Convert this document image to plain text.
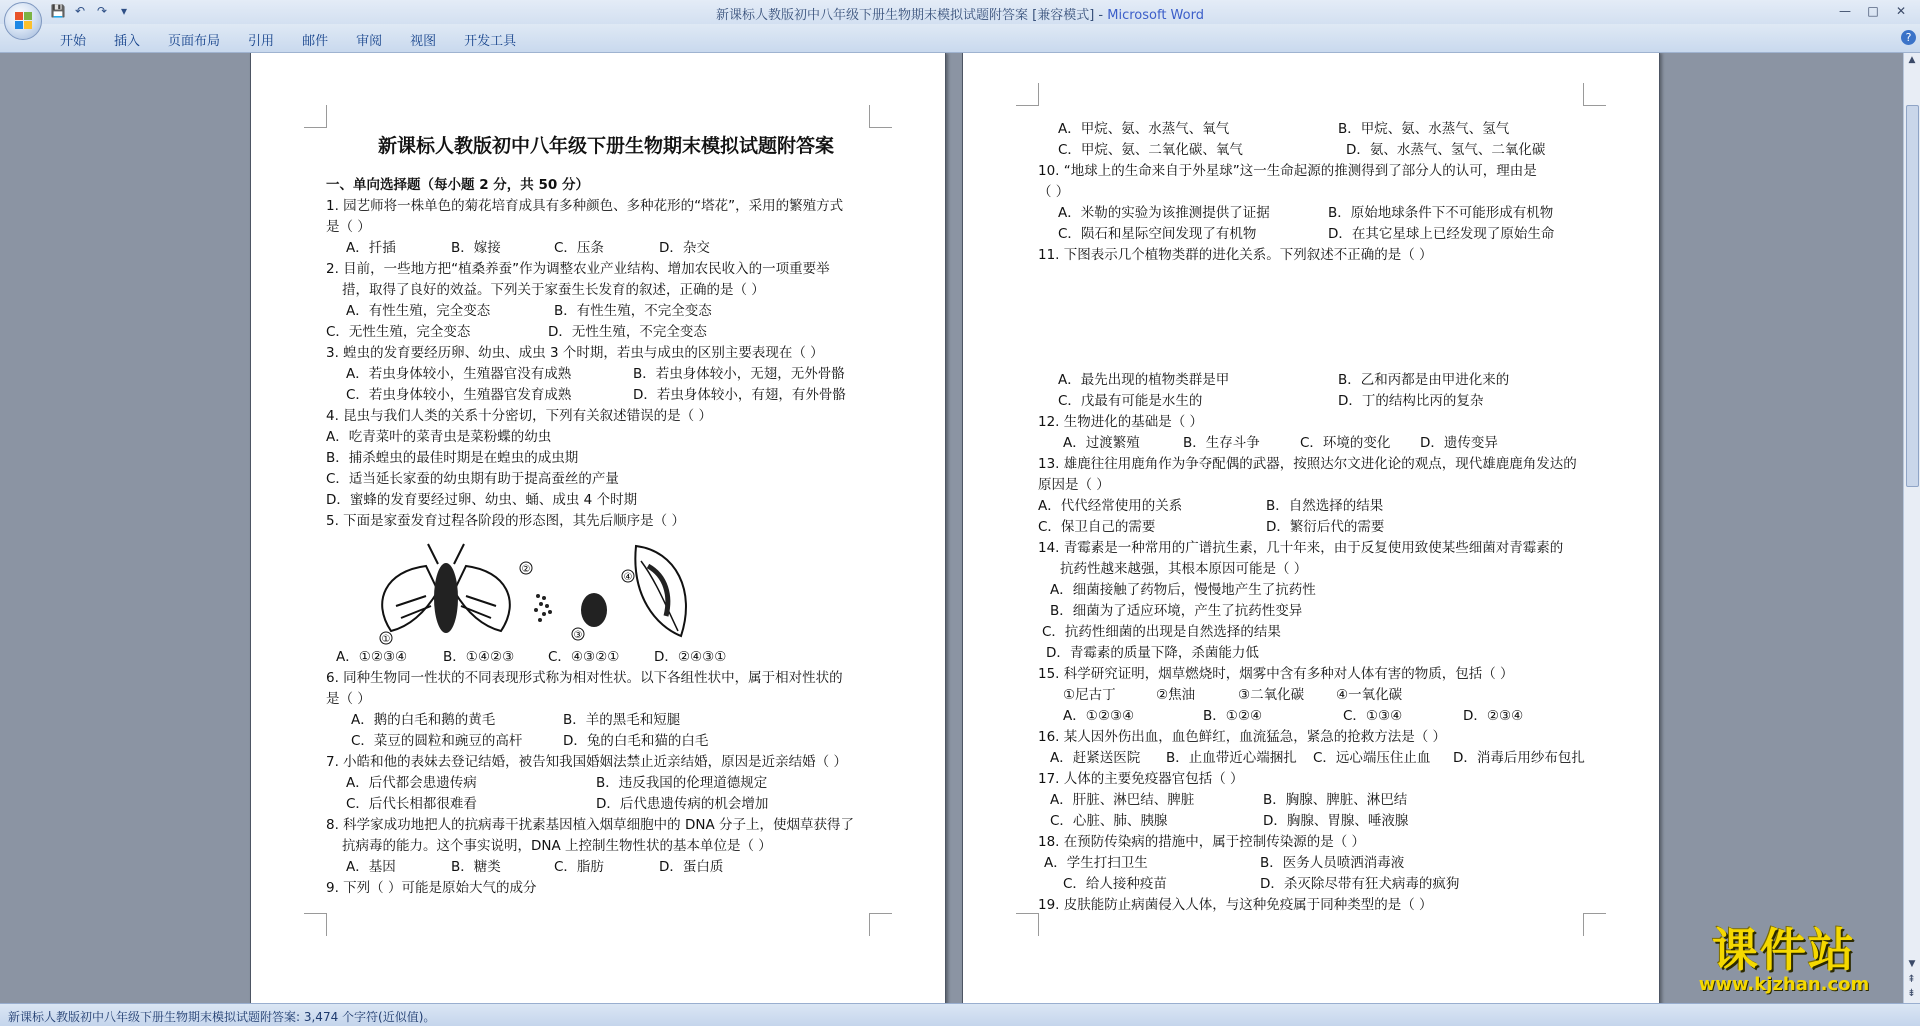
💾 ↶ ↷	▾	新课标人教版初中八年级下册生物期末模拟试题附答案 [兼容模式] - Microsoft Word	—	□	✕
开始	插入	页面布局	引用	邮件	审阅	视图	开发工具	?
新课标人教版初中八年级下册生物期末模拟试题附答案
一、单向选择题（每小题 2 分，共 50 分）
1. 园艺师将一株单色的菊花培育成具有多种颜色、多种花形的“塔花”，采用的繁殖方式
是（ ）
A．扦插	B．嫁接	C．压条	D．杂交
2. 目前，一些地方把“植桑养蚕”作为调整农业产业结构、增加农民收入的一项重要举
措，取得了良好的效益。下列关于家蚕生长发育的叙述，正确的是（ ）
A．有性生殖，完全变态	B．有性生殖，不完全变态
C．无性生殖，完全变态	D．无性生殖，不完全变态
3. 蝗虫的发育要经历卵、幼虫、成虫 3 个时期，若虫与成虫的区别主要表现在（ ）
A．若虫身体较小，生殖器官没有成熟	B．若虫身体较小，无翅，无外骨骼
C．若虫身体较小，生殖器官发育成熟	D．若虫身体较小，有翅，有外骨骼
4. 昆虫与我们人类的关系十分密切，下列有关叙述错误的是（ ）
A．吃青菜叶的菜青虫是菜粉蝶的幼虫
B．捕杀蝗虫的最佳时期是在蝗虫的成虫期
C．适当延长家蚕的幼虫期有助于提高蚕丝的产量
D．蜜蜂的发育要经过卵、幼虫、蛹、成虫 4 个时期
5. 下面是家蚕发育过程各阶段的形态图，其先后顺序是（ ）
①
②
③
④
A．①②③④	B．①④②③	C．④③②①	D．②④③①
6. 同种生物同一性状的不同表现形式称为相对性状。以下各组性状中，属于相对性状的
是（ ）
A．鹅的白毛和鹅的黄毛	B．羊的黑毛和短腿
C．菜豆的圆粒和豌豆的高杆	D．兔的白毛和猫的白毛
7. 小皓和他的表妹去登记结婚，被告知我国婚姻法禁止近亲结婚，原因是近亲结婚（ ）
A．后代都会患遗传病	B．违反我国的伦理道德规定
C．后代长相都很难看	D．后代患遗传病的机会增加
8. 科学家成功地把人的抗病毒干扰素基因植入烟草细胞中的 DNA 分子上，使烟草获得了
抗病毒的能力。这个事实说明，DNA 上控制生物性状的基本单位是（ ）
A．基因	B．糖类	C．脂肪	D．蛋白质
9. 下列（ ）可能是原始大气的成分
A．甲烷、氨、水蒸气、氧气	B．甲烷、氨、水蒸气、氢气
C．甲烷、氨、二氧化碳、氧气	D．氨、水蒸气、氢气、二氧化碳
10. “地球上的生命来自于外星球”这一生命起源的推测得到了部分人的认可，理由是
（ ）
A．米勒的实验为该推测提供了证据	B．原始地球条件下不可能形成有机物
C．陨石和星际空间发现了有机物	D．在其它星球上已经发现了原始生命
11. 下图表示几个植物类群的进化关系。下列叙述不正确的是（ ）
A．最先出现的植物类群是甲	B．乙和丙都是由甲进化来的
C．戊最有可能是水生的	D．丁的结构比丙的复杂
12. 生物进化的基础是（ ）
A．过渡繁殖	B．生存斗争	C．环境的变化 D．遗传变异
13. 雄鹿往往用鹿角作为争夺配偶的武器，按照达尔文进化论的观点，现代雄鹿鹿角发达的
原因是（ ）
A．代代经常使用的关系	B．自然选择的结果
C．保卫自己的需要	D．繁衍后代的需要
14. 青霉素是一种常用的广谱抗生素，几十年来，由于反复使用致使某些细菌对青霉素的
抗药性越来越强，其根本原因可能是（ ）
A．细菌接触了药物后，慢慢地产生了抗药性
B．细菌为了适应环境，产生了抗药性变异
C．抗药性细菌的出现是自然选择的结果
D．青霉素的质量下降，杀菌能力低
15. 科学研究证明，烟草燃烧时，烟雾中含有多种对人体有害的物质，包括（ ）
①尼古丁	②焦油	③二氧化碳 ④一氧化碳
A．①②③④	B．①②④	C．①③④	D．②③④
16. 某人因外伤出血，血色鲜红，血流猛急，紧急的抢救方法是（ ）
A．赶紧送医院 B．止血带近心端捆扎 C．远心端压住止血 D．消毒后用纱布包扎
17. 人体的主要免疫器官包括（ ）
A．肝脏、淋巴结、脾脏	B．胸腺、脾脏、淋巴结
C．心脏、肺、胰腺	D．胸腺、胃腺、唾液腺
18. 在预防传染病的措施中，属于控制传染源的是（ ）
A．学生打扫卫生	B．医务人员喷洒消毒液
C．给人接种疫苗	D．杀灭除尽带有狂犬病毒的疯狗
19. 皮肤能防止病菌侵入人体，与这种免疫属于同种类型的是（ ）
▲
▼
⇞
⇟
课件站
www.kjzhan.com
新课标人教版初中八年级下册生物期末模拟试题附答案: 3,474 个字符(近似值)。
